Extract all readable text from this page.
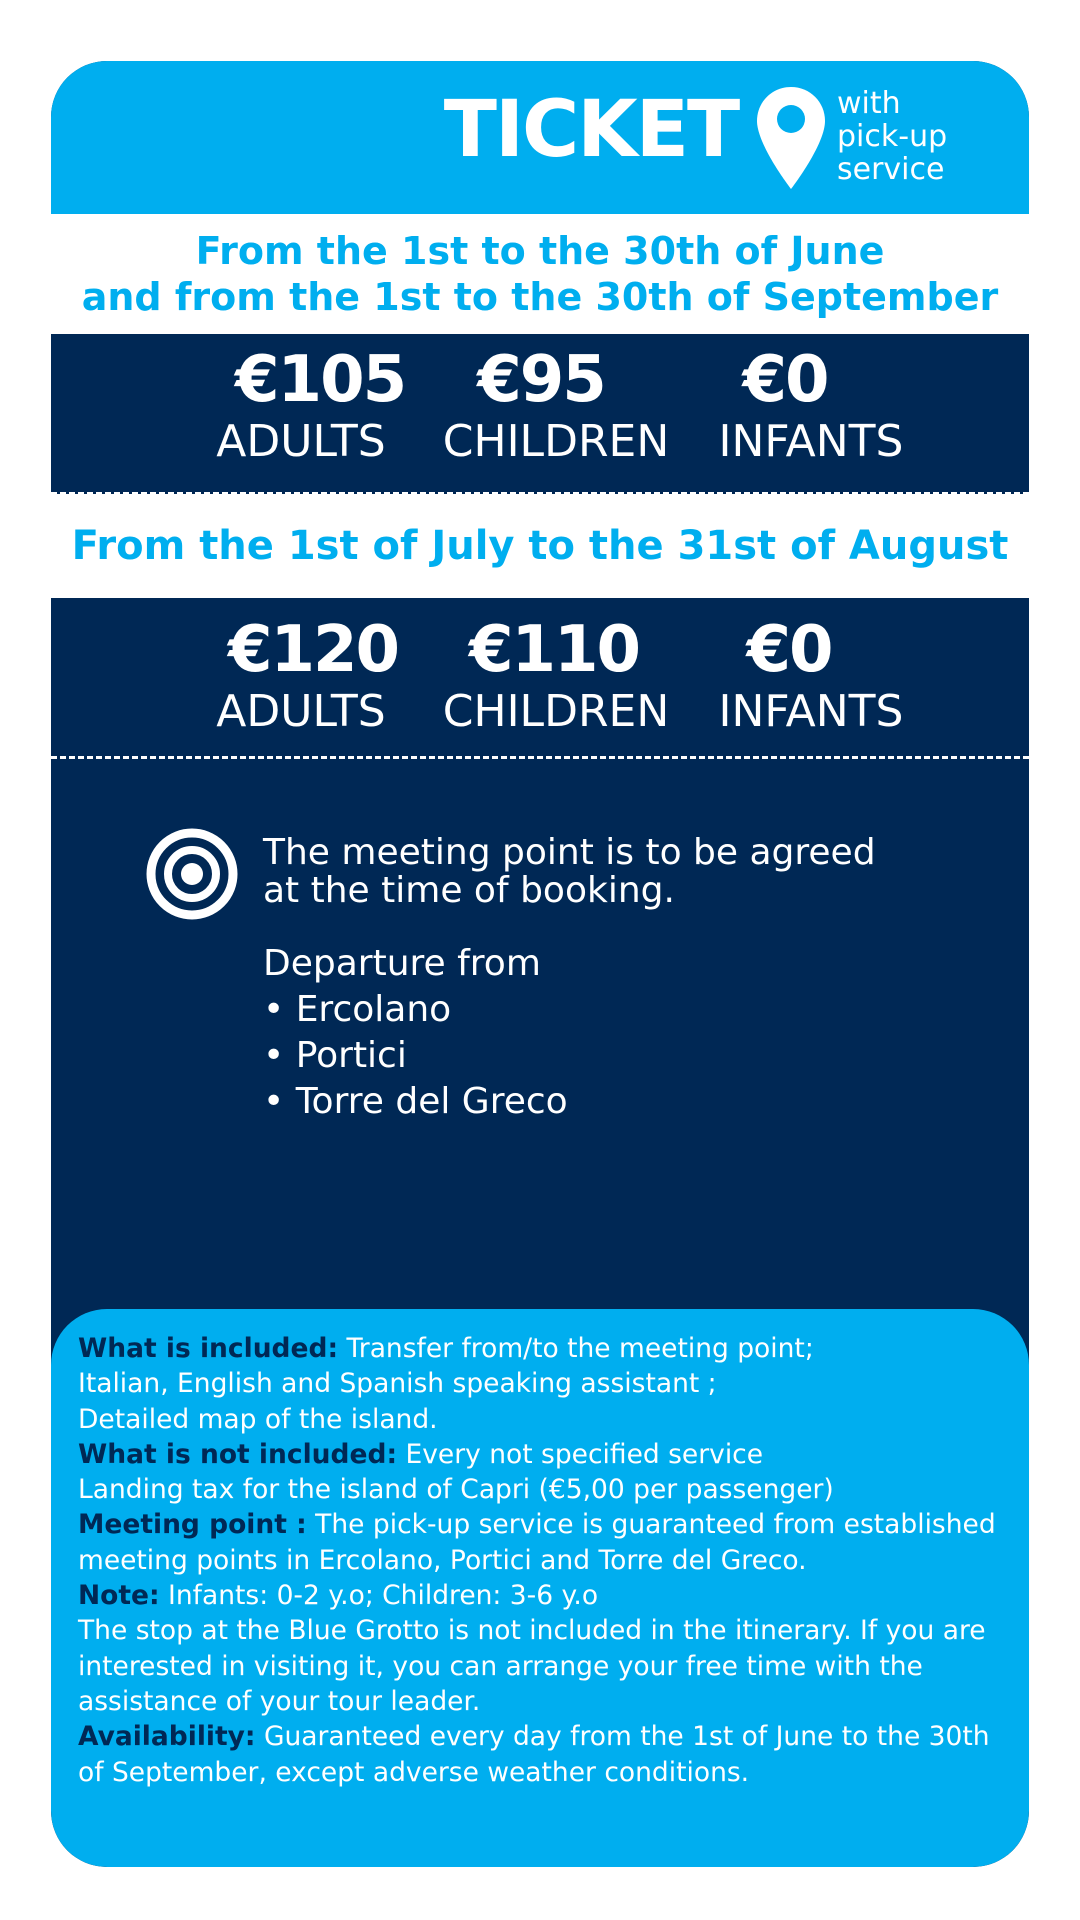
TICKET	with
pick-up
service
From the 1st to the 30th of June
and from the 1st to the 30th of September
€105
ADULTS
€95
CHILDREN
€0
INFANTS
From the 1st of July to the 31st of August
€120
ADULTS
€110
CHILDREN
€0
INFANTS
The meeting point is to be agreed at the time of booking.
Departure from
• Ercolano
• Portici
• Torre del Greco

What is included: Transfer from/to the meeting point;

Italian, English and Spanish speaking assistant ;

Detailed map of the island.

What is not included: Every not specified service

Landing tax for the island of Capri (€5,00 per passenger)

Meeting point : The pick-up service is guaranteed from established meeting points in Ercolano, Portici and Torre del Greco.

Note: Infants: 0-2 y.o; Children: 3-6 y.o

The stop at the Blue Grotto is not included in the itinerary. If you are interested in visiting it, you can arrange your free time with the assistance of your tour leader.

Availability: Guaranteed every day from the 1st of June to the 30th of September, except adverse weather conditions.
